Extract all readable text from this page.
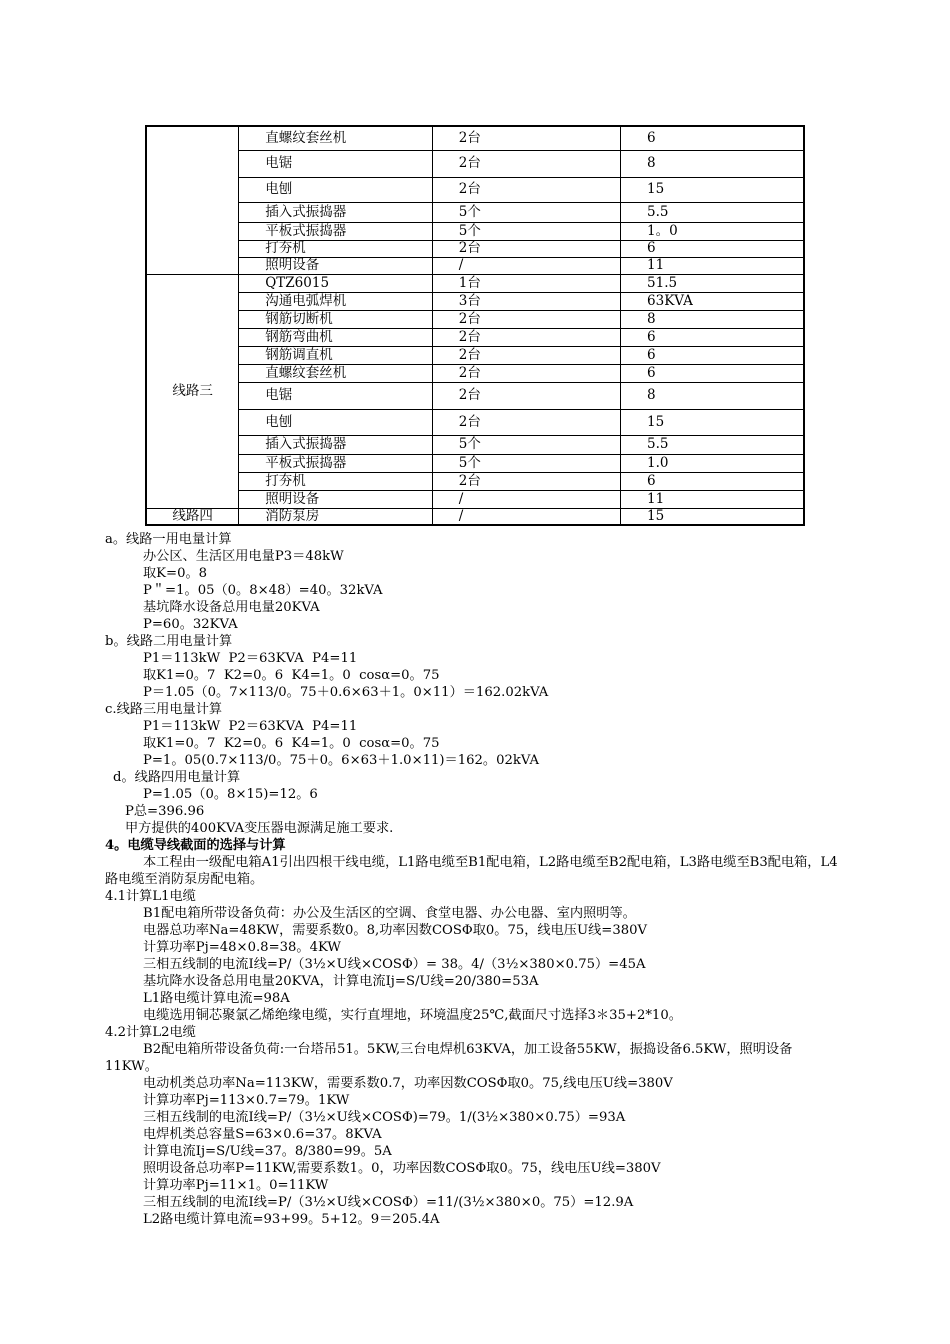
	直螺纹套丝机	2台	6
	电锯	2台	8
	电刨	2台	15
	插入式振捣器	5个	5.5
	平板式振捣器	5个	1。0
	打夯机	2台	6
	照明设备	/	11
线路三	QTZ6015	1台	51.5
	沟通电弧焊机	3台	63KVA
	钢筋切断机	2台	8
	钢筋弯曲机	2台	6
	钢筋调直机	2台	6
	直螺纹套丝机	2台	6
	电锯	2台	8
	电刨	2台	15
	插入式振捣器	5个	5.5
	平板式振捣器	5个	1.0
	打夯机	2台	6
	照明设备	/	11
线路四	消防泵房	/	15

a。线路一用电量计算

办公区、生活区用电量P3＝48kW

取K=0。8

P＂=1。05（0。8×48）=40。32kVA

基坑降水设备总用电量20KVA

P=60。32KVA

b。线路二用电量计算

P1＝113kW  P2＝63KVA  P4=11

取K1=0。7  K2=0。6  K4=1。0  cosα=0。75

P＝1.05（0。7×113/0。75＋0.6×63＋1。0×11）＝162.02kVA

c.线路三用电量计算

P1＝113kW  P2＝63KVA  P4=11

取K1=0。7  K2=0。6  K4=1。0  cosα=0。75

P=1。05(0.7×113/0。75＋0。6×63＋1.0×11)＝162。02kVA

d。线路四用电量计算

P=1.05（0。8×15)=12。6

P总=396.96

甲方提供的400KVA变压器电源满足施工要求.

4。电缆导线截面的选择与计算

本工程由一级配电箱A1引出四根干线电缆，L1路电缆至B1配电箱，L2路电缆至B2配电箱，L3路电缆至B3配电箱，L4路电缆至消防泵房配电箱。

4.1计算L1电缆

B1配电箱所带设备负荷：办公及生活区的空调、食堂电器、办公电器、室内照明等。

电器总功率Na=48KW，需要系数0。8,功率因数COSΦ取0。75，线电压U线=380V

计算功率Pj=48×0.8=38。4KW

三相五线制的电流Ⅰ线=P/（3½×U线×COSΦ）= 38。4/（3½×380×0.75）=45A

基坑降水设备总用电量20KVA，计算电流Ij=S/U线=20/380=53A

L1路电缆计算电流=98A

电缆选用铜芯聚氯乙烯绝缘电缆，实行直埋地，环境温度25℃,截面尺寸选择3＊35+2*10。

4.2计算L2电缆

B2配电箱所带设备负荷:一台塔吊51。5KW,三台电焊机63KVA，加工设备55KW，振捣设备6.5KW，照明设备11KW。

电动机类总功率Na=113KW，需要系数0.7，功率因数COSΦ取0。75,线电压U线=380V

计算功率Pj=113×0.7=79。1KW

三相五线制的电流Ⅰ线=P/（3½×U线×COSΦ)=79。1/(3½×380×0.75）=93A

电焊机类总容量S=63×0.6=37。8KVA

计算电流Ij=S/U线=37。8/380=99。5A

照明设备总功率P=11KW,需要系数1。0，功率因数COSΦ取0。75，线电压U线=380V

计算功率Pj=11×1。0=11KW

三相五线制的电流Ⅰ线=P/（3½×U线×COSΦ）=11/(3½×380×0。75）=12.9A

L2路电缆计算电流=93+99。5+12。9＝205.4A
